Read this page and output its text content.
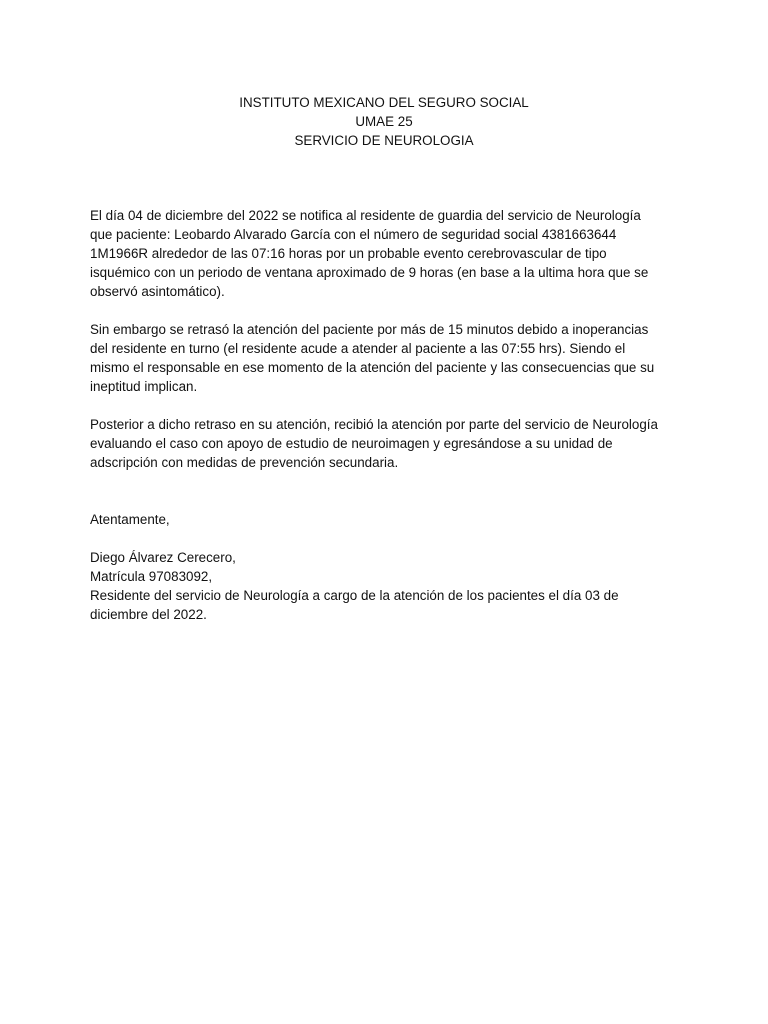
INSTITUTO MEXICANO DEL SEGURO SOCIAL
UMAE 25
SERVICIO DE NEUROLOGIA
El día 04 de diciembre del 2022 se notifica al residente de guardia del servicio de Neurología
que paciente: Leobardo Alvarado García con el número de seguridad social 4381663644
1M1966R alrededor de las 07:16 horas por un probable evento cerebrovascular de tipo
isquémico con un periodo de ventana aproximado de 9 horas (en base a la ultima hora que se
observó asintomático).
Sin embargo se retrasó la atención del paciente por más de 15 minutos debido a inoperancias
del residente en turno (el residente acude a atender al paciente a las 07:55 hrs). Siendo el
mismo el responsable en ese momento de la atención del paciente y las consecuencias que su
ineptitud implican.
Posterior a dicho retraso en su atención, recibió la atención por parte del servicio de Neurología
evaluando el caso con apoyo de estudio de neuroimagen y egresándose a su unidad de
adscripción con medidas de prevención secundaria.
Atentamente,
Diego Álvarez Cerecero,
Matrícula 97083092,
Residente del servicio de Neurología a cargo de la atención de los pacientes el día 03 de
diciembre del 2022.
